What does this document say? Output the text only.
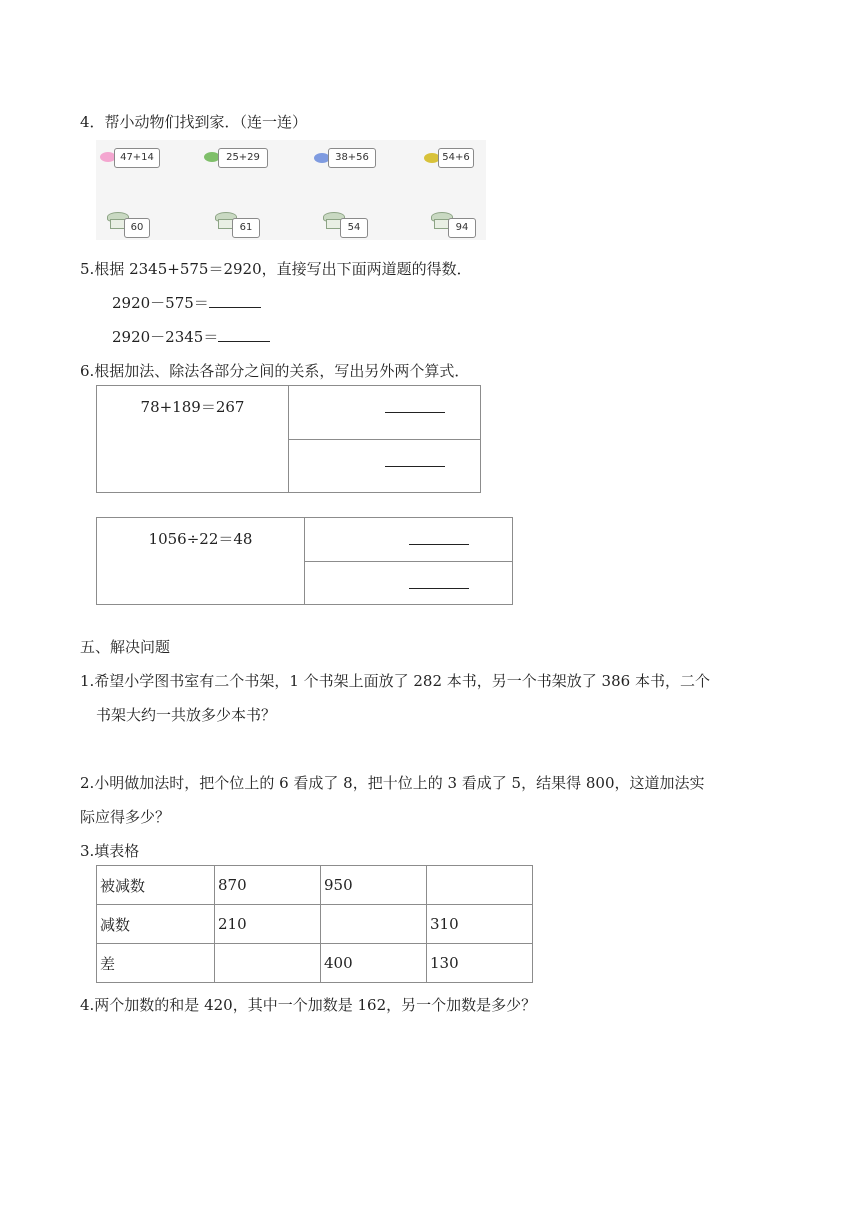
4．帮小动物们找到家．（连一连）
47+14	25+29	38+56	54+6
60	61	54	94
5.根据 2345+575＝2920，直接写出下面两道题的得数．
2920－575＝
2920－2345＝
6.根据加法、除法各部分之间的关系，写出另外两个算式．
78+189＝267	

1056÷22＝48	

五、解决问题
1.希望小学图书室有二个书架，1 个书架上面放了 282 本书，另一个书架放了 386 本书，二个
书架大约一共放多少本书？
2.小明做加法时，把个位上的 6 看成了 8，把十位上的 3 看成了 5，结果得 800，这道加法实
际应得多少？
3.填表格
被减数	870	950	
减数	210		310
差		400	130
4.两个加数的和是 420，其中一个加数是 162，另一个加数是多少？
